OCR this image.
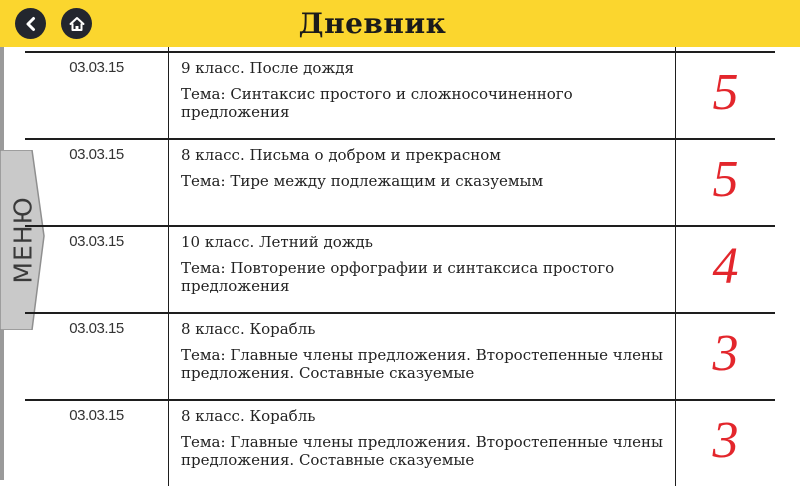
Дневник
МЕНЮ
03.03.15	9 класс. После дождя

Тема: Синтаксис простого и сложносочиненного предложения	5
03.03.15	8 класс. Письма о добром и прекрасном

Тема: Тире между подлежащим и сказуемым	5
03.03.15	10 класс. Летний дождь

Тема: Повторение орфографии и синтаксиса простого предложения	4
03.03.15	8 класс. Корабль

Тема: Главные члены предложения. Второстепенные члены предложения. Составные сказуемые	3
03.03.15	8 класс. Корабль

Тема: Главные члены предложения. Второстепенные члены предложения. Составные сказуемые	3
